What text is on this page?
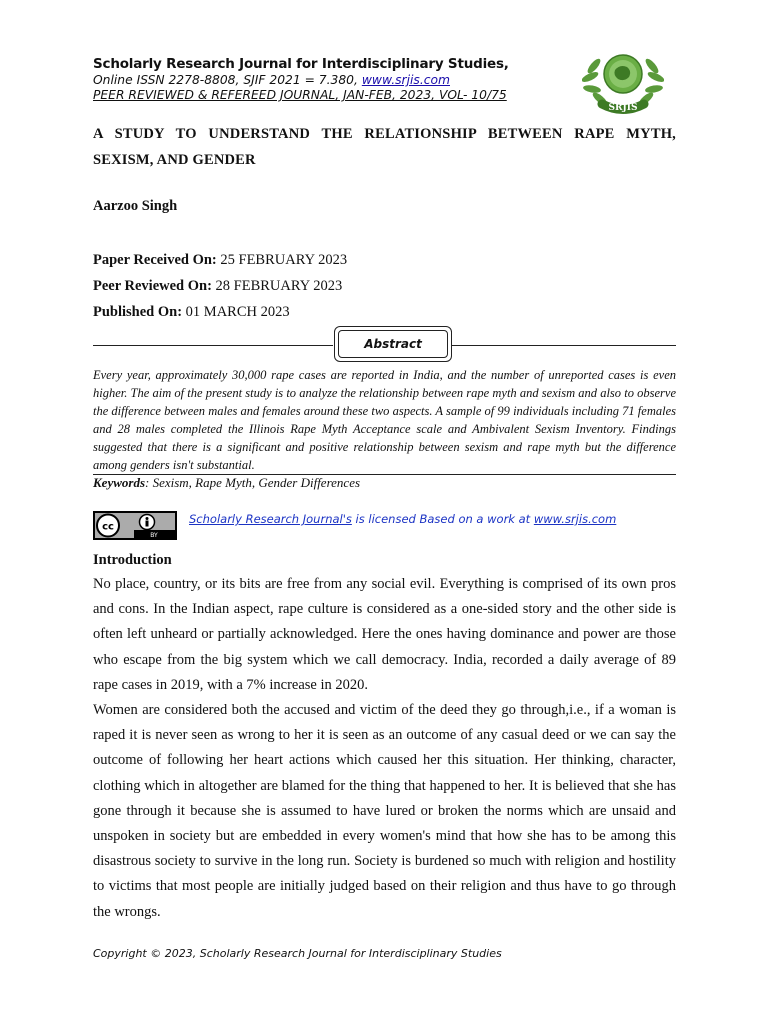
Scholarly Research Journal for Interdisciplinary Studies,
Online ISSN 2278-8808, SJIF 2021 = 7.380, www.srjis.com
PEER REVIEWED & REFEREED JOURNAL, JAN-FEB, 2023, VOL- 10/75
SRJIS
A STUDY TO UNDERSTAND THE RELATIONSHIP BETWEEN RAPE MYTH, SEXISM, AND GENDER
Aarzoo Singh
Paper Received On: 25 FEBRUARY 2023
Peer Reviewed On: 28 FEBRUARY 2023
Published On: 01 MARCH 2023
Abstract
Every year, approximately 30,000 rape cases are reported in India, and the number of unreported cases is even higher. The aim of the present study is to analyze the relationship between rape myth and sexism and also to observe the difference between males and females around these two aspects. A sample of 99 individuals including 71 females and 28 males completed the Illinois Rape Myth Acceptance scale and Ambivalent Sexism Inventory. Findings suggested that there is a significant and positive relationship between sexism and rape myth but the difference among genders isn't substantial.
Keywords: Sexism, Rape Myth, Gender Differences
cc
BY
Scholarly Research Journal's is licensed Based on a work at www.srjis.com
Introduction

No place, country, or its bits are free from any social evil. Everything is comprised of its own pros and cons. In the Indian aspect, rape culture is considered as a one-sided story and the other side is often left unheard or partially acknowledged. Here the ones having dominance and power are those who escape from the big system which we call democracy. India, recorded a daily average of 89 rape cases in 2019, with a 7% increase in 2020.

Women are considered both the accused and victim of the deed they go through,i.e., if a woman is raped it is never seen as wrong to her it is seen as an outcome of any casual deed or we can say the outcome of following her heart actions which caused her this situation. Her thinking, character, clothing which in altogether are blamed for the thing that happened to her. It is believed that she has gone through it because she is assumed to have lured or broken the norms which are unsaid and unspoken in society but are embedded in every women's mind that how she has to be among this disastrous society to survive in the long run. Society is burdened so much with religion and hostility to victims that most people are initially judged based on their religion and thus have to go through the wrongs.

Copyright © 2023, Scholarly Research Journal for Interdisciplinary Studies
